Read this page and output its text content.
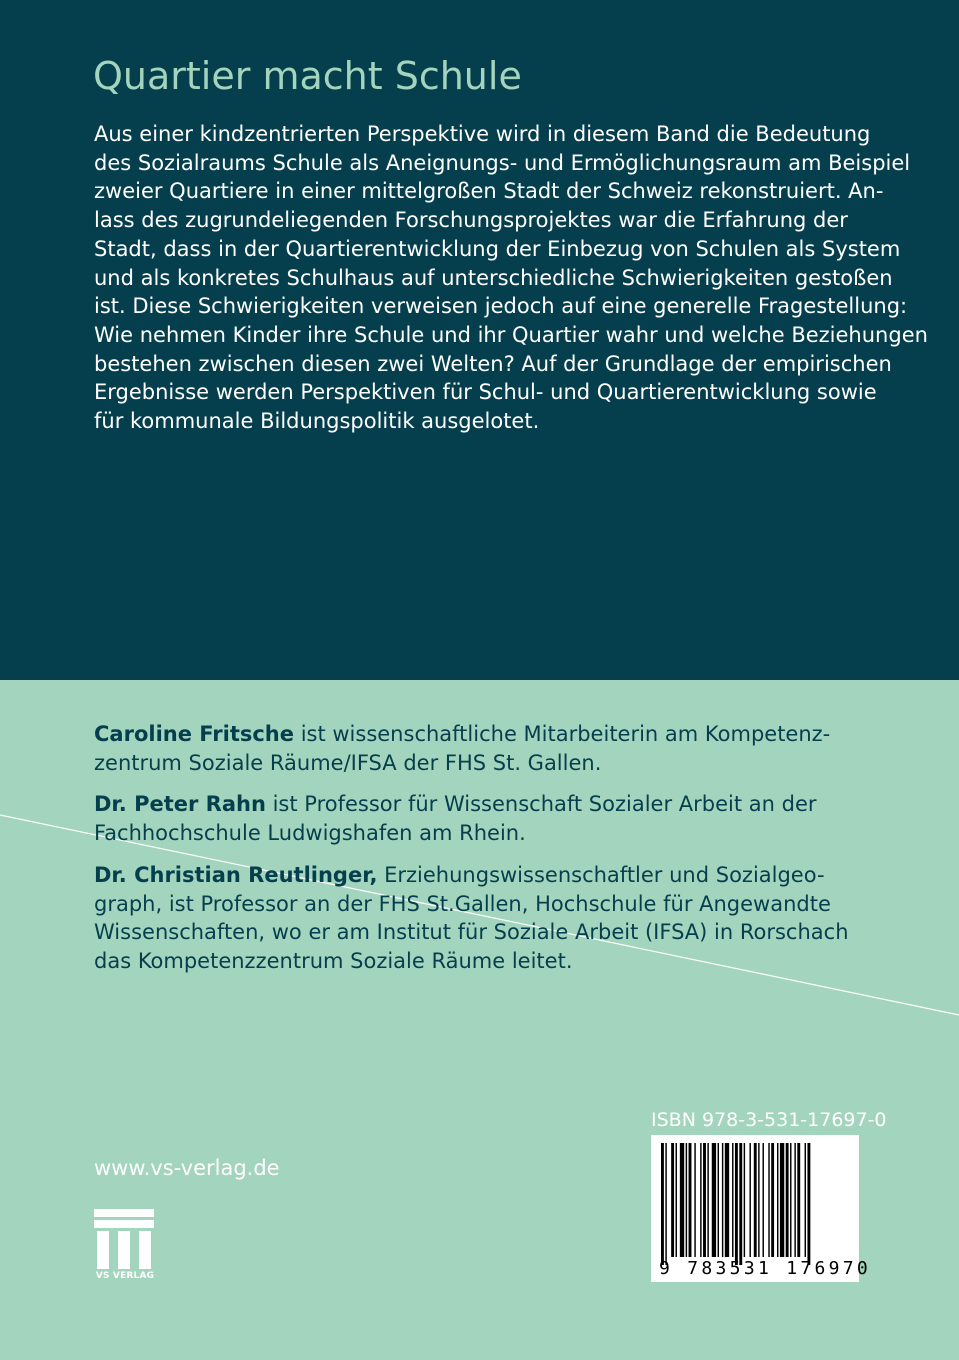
Quartier macht Schule

Aus einer kindzentrierten Perspektive wird in diesem Band die Bedeutung
des Sozialraums Schule als Aneignungs- und Ermöglichungsraum am Beispiel
zweier Quartiere in einer mittelgroßen Stadt der Schweiz rekonstruiert. An-
lass des zugrundeliegenden Forschungsprojektes war die Erfahrung der
Stadt, dass in der Quartierentwicklung der Einbezug von Schulen als System
und als konkretes Schulhaus auf unterschiedliche Schwierigkeiten gestoßen
ist. Diese Schwierigkeiten verweisen jedoch auf eine generelle Fragestellung:
Wie nehmen Kinder ihre Schule und ihr Quartier wahr und welche Beziehungen
bestehen zwischen diesen zwei Welten? Auf der Grundlage der empirischen
Ergebnisse werden Perspektiven für Schul- und Quartierentwicklung sowie
für kommunale Bildungspolitik ausgelotet.

Caroline Fritsche ist wissenschaftliche Mitarbeiterin am Kompetenz-
zentrum Soziale Räume/IFSA der FHS St. Gallen.

Dr. Peter Rahn ist Professor für Wissenschaft Sozialer Arbeit an der
Fachhochschule Ludwigshafen am Rhein.

Dr. Christian Reutlinger, Erziehungswissenschaftler und Sozialgeo-
graph, ist Professor an der FHS St.Gallen, Hochschule für Angewandte
Wissenschaften, wo er am Institut für Soziale Arbeit (IFSA) in Rorschach
das Kompetenzzentrum Soziale Räume leitet.

www.vs-verlag.de
VS VERLAG
ISBN 978-3-531-17697-0
9 783531 176970
